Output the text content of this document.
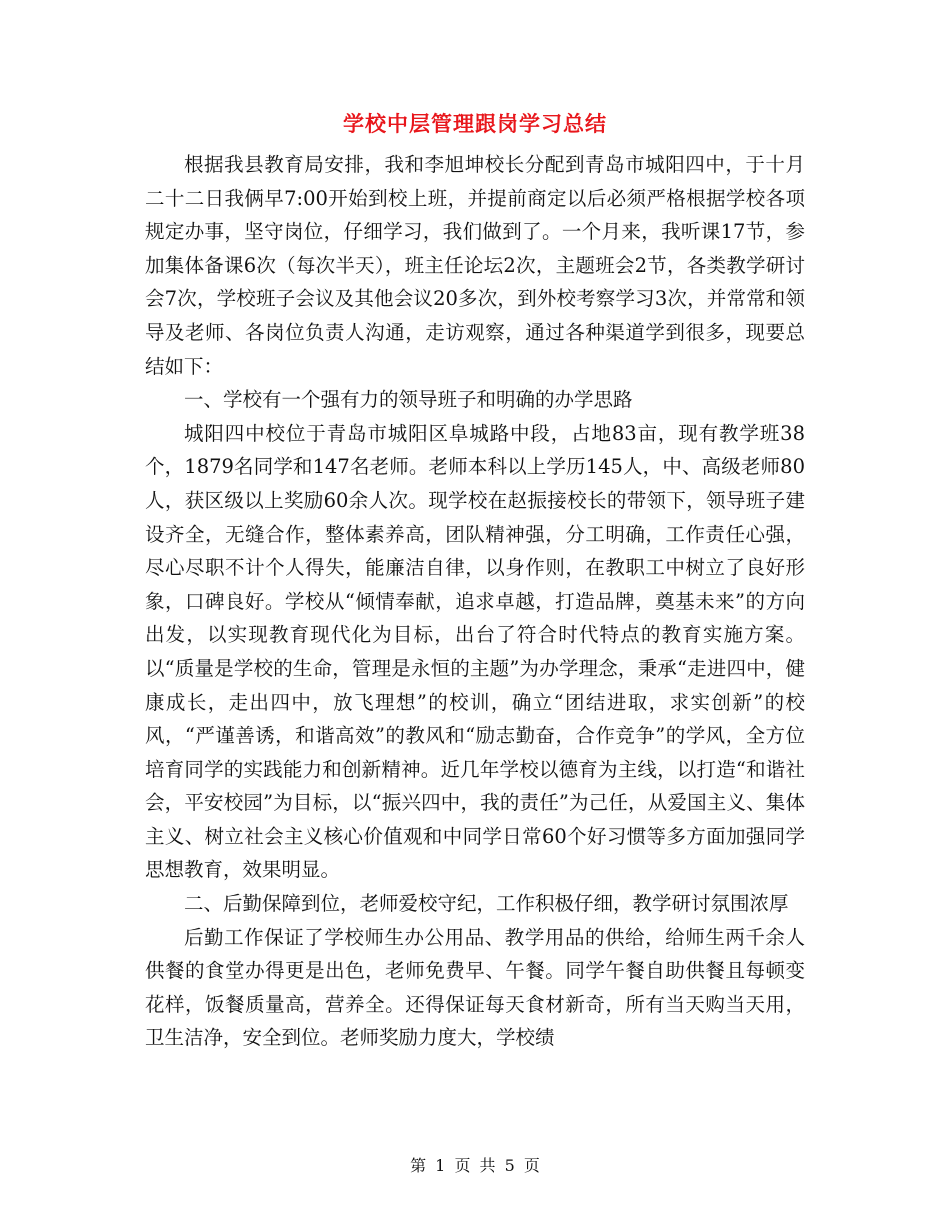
学校中层管理跟岗学习总结

根据我县教育局安排，我和李旭坤校长分配到青岛市城阳四中，于十月二十二日我俩早7:00开始到校上班，并提前商定以后必须严格根据学校各项规定办事，坚守岗位，仔细学习，我们做到了。一个月来，我听课17节，参加集体备课6次（每次半天），班主任论坛2次，主题班会2节，各类教学研讨会7次，学校班子会议及其他会议20多次，到外校考察学习3次，并常常和领导及老师、各岗位负责人沟通，走访观察，通过各种渠道学到很多，现要总结如下：

一、学校有一个强有力的领导班子和明确的办学思路

城阳四中校位于青岛市城阳区阜城路中段，占地83亩，现有教学班38个，1879名同学和147名老师。老师本科以上学历145人，中、高级老师80人，获区级以上奖励60余人次。现学校在赵振接校长的带领下，领导班子建设齐全，无缝合作，整体素养高，团队精神强，分工明确，工作责任心强，尽心尽职不计个人得失，能廉洁自律，以身作则，在教职工中树立了良好形象，口碑良好。学校从“倾情奉献，追求卓越，打造品牌，奠基未来”的方向出发，以实现教育现代化为目标，出台了符合时代特点的教育实施方案。以“质量是学校的生命，管理是永恒的主题”为办学理念，秉承“走进四中，健康成长，走出四中，放飞理想”的校训，确立“团结进取，求实创新”的校风，“严谨善诱，和谐高效”的教风和“励志勤奋，合作竞争”的学风，全方位培育同学的实践能力和创新精神。近几年学校以德育为主线，以打造“和谐社会，平安校园”为目标，以“振兴四中，我的责任”为己任，从爱国主义、集体主义、树立社会主义核心价值观和中同学日常60个好习惯等多方面加强同学思想教育，效果明显。

二、后勤保障到位，老师爱校守纪，工作积极仔细，教学研讨氛围浓厚

后勤工作保证了学校师生办公用品、教学用品的供给，给师生两千余人供餐的食堂办得更是出色，老师免费早、午餐。同学午餐自助供餐且每顿变花样，饭餐质量高，营养全。还得保证每天食材新奇，所有当天购当天用，卫生洁净，安全到位。老师奖励力度大，学校绩

第 1 页 共 5 页
